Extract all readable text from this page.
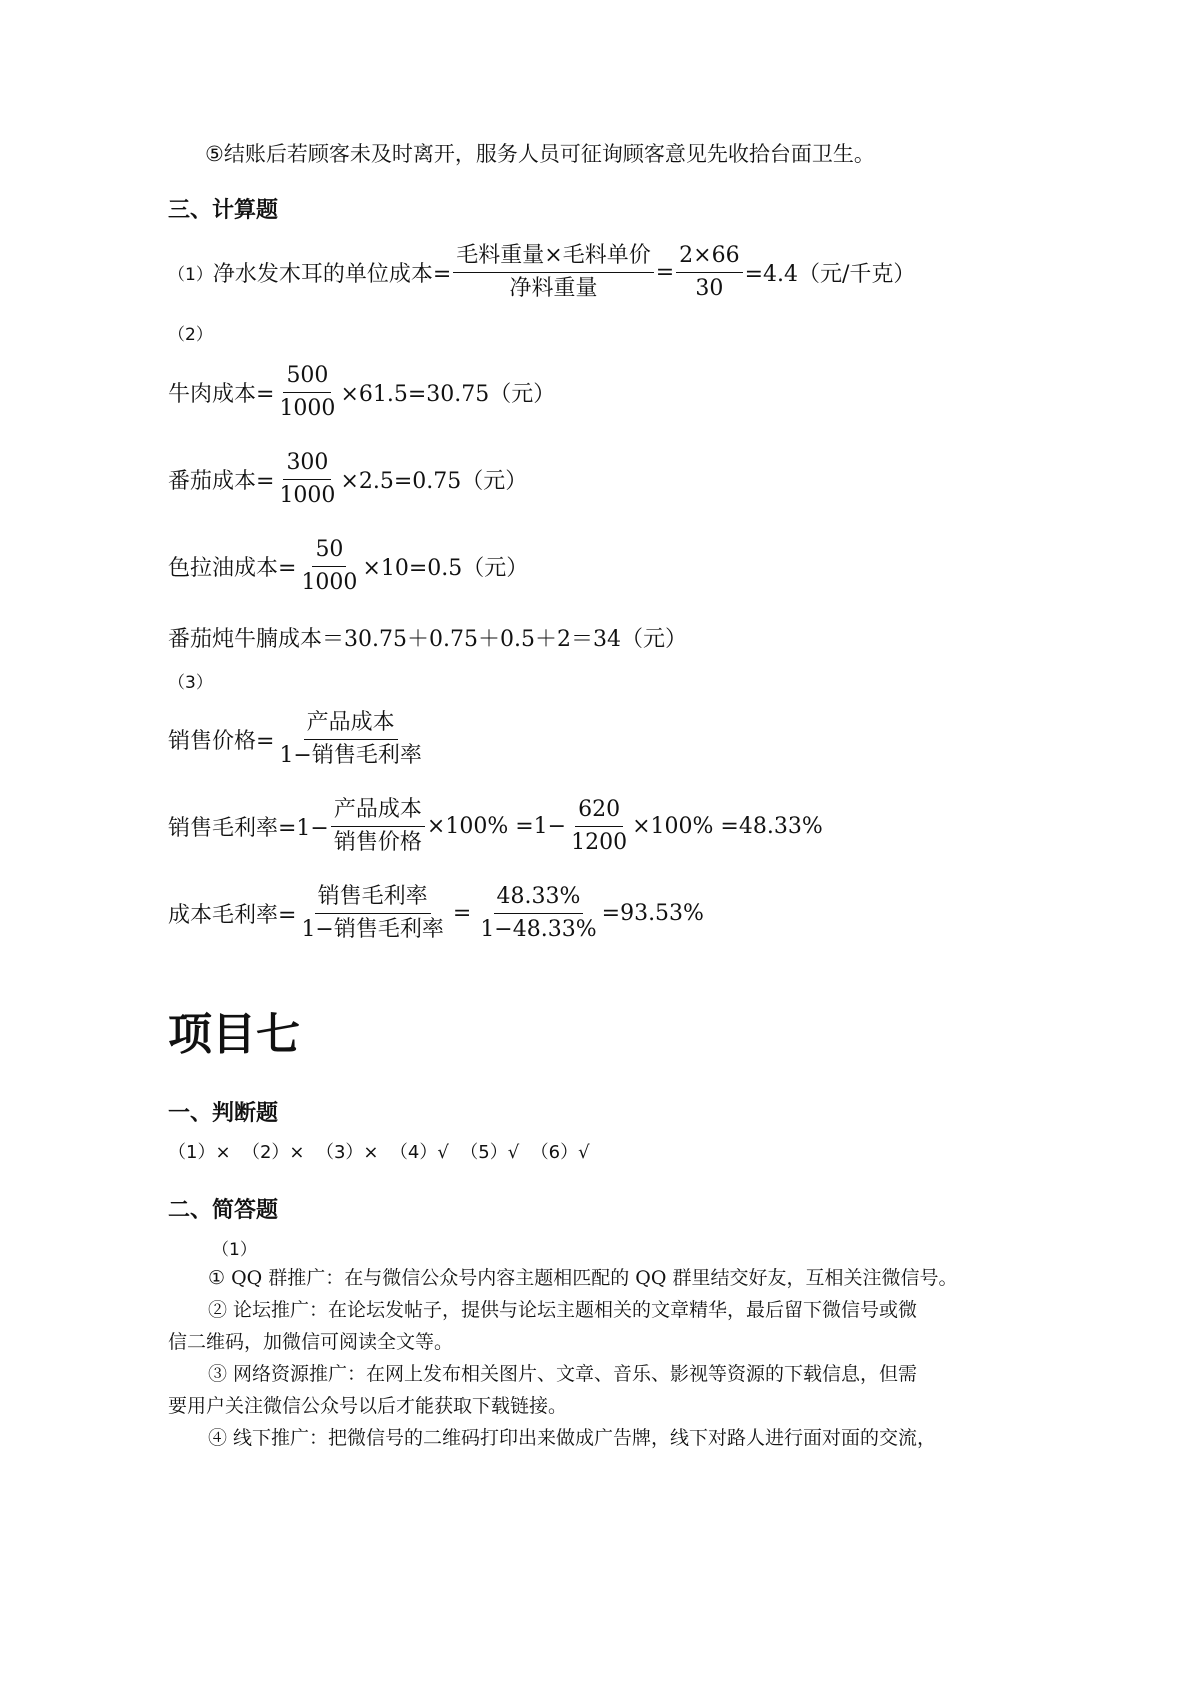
⑤结账后若顾客未及时离开，服务人员可征询顾客意见先收拾台面卫生。
三、计算题
（1） 净水发木耳的单位成本= $\frac{\text{毛料重量×毛料单价}}{\text{净料重量}} = \frac{2\times 66}{30} =4.4$（元/千克）
（2）
牛肉成本= $\frac{500}{1000} \times 61.5=30.75$（元）
番茄成本= $\frac{300}{1000} \times 2.5=0.75$（元）
色拉油成本= $\frac{50}{1000} \times 10=0.5$（元）
番茄炖牛腩成本＝30.75＋0.75＋0.5＋2＝34（元）
（3）
销售价格= $\frac{\text{产品成本}}{\text{1−销售毛利率}}$
销售毛利率$=1- \frac{\text{产品成本}}{\text{销售价格}} \times 100\% =1- \frac{620}{1200} \times 100\% =48.33\%$
成本毛利率= $\frac{\text{销售毛利率}}{\text{1−销售毛利率}} = \frac{48.33\%}{1-48.33\%} =93.53\%$
项目七
一、判断题
（1）×  （2）×  （3）×  （4）√  （5）√  （6）√
二、简答题
（1）
① QQ 群推广：在与微信公众号内容主题相匹配的 QQ 群里结交好友，互相关注微信号。
② 论坛推广：在论坛发帖子，提供与论坛主题相关的文章精华，最后留下微信号或微
信二维码，加微信可阅读全文等。
③ 网络资源推广：在网上发布相关图片、文章、音乐、影视等资源的下载信息，但需
要用户关注微信公众号以后才能获取下载链接。
④ 线下推广：把微信号的二维码打印出来做成广告牌，线下对路人进行面对面的交流，
